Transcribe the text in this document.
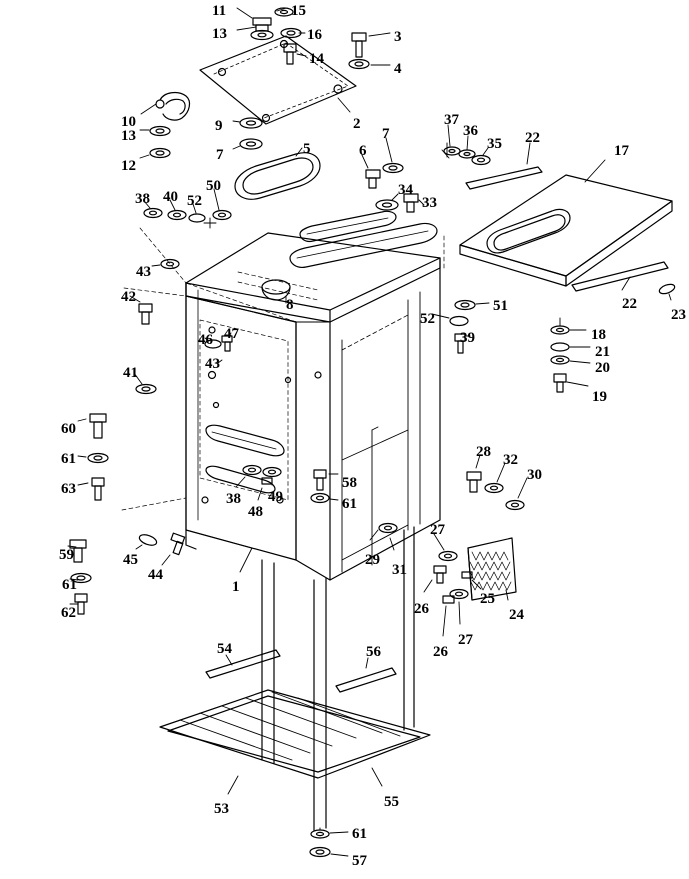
11	15
13	16	3
14
4
10	9	2	37
36	22
17
13	7
35
7	6
12
5
50	34
38 40 52	33
43
22
23
42
51
8
18
52
21
39
20
46 47
19
43
41
60
61
63
28 32
30
58
61
38 49
48
27
59	45
44
29
31
61	1
62	26
25
24
27
26
54	56
53	55
61
57
